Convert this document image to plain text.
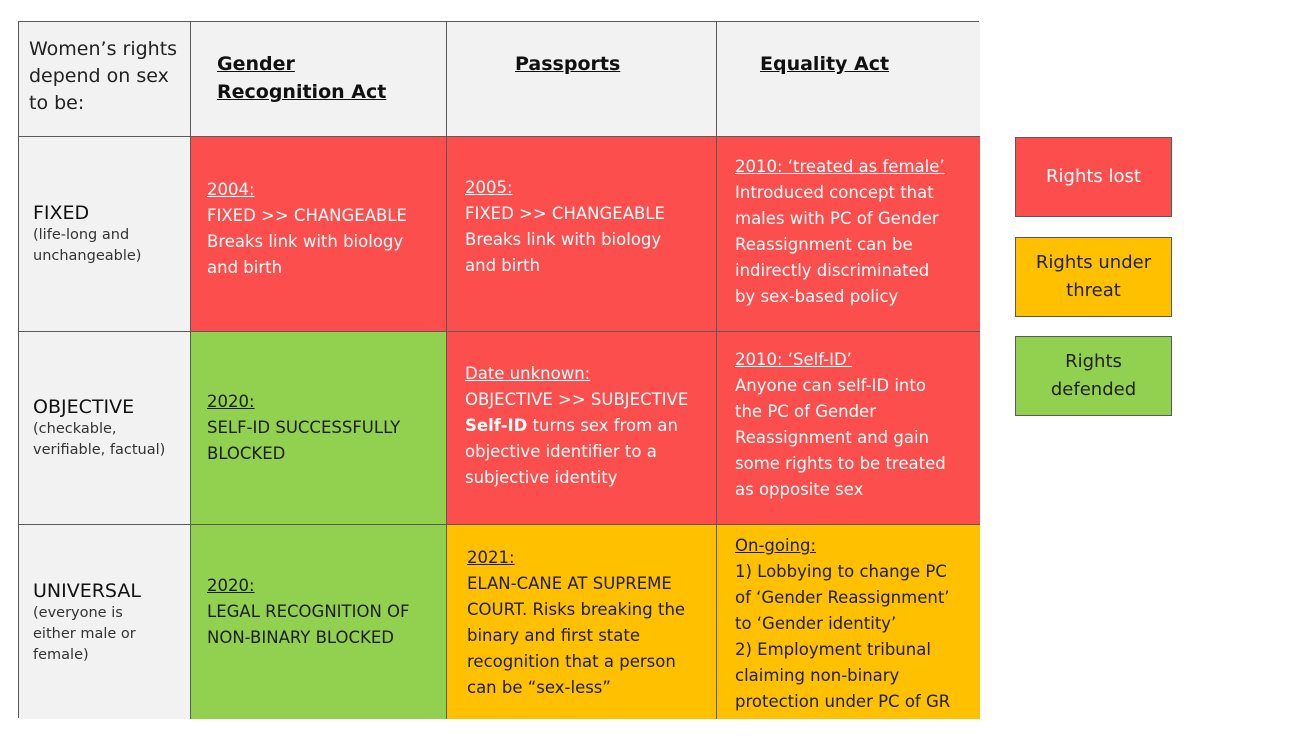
Women’s rights
depend on sex
to be:
Gender
Recognition Act
Passports	Equality Act
FIXED
(life-long and
unchangeable)
2004:
FIXED >> CHANGEABLE
Breaks link with biology
and birth
2005:
FIXED >> CHANGEABLE
Breaks link with biology
and birth
2010: ‘treated as female’
Introduced concept that
males with PC of Gender
Reassignment can be
indirectly discriminated
by sex-based policy
OBJECTIVE
(checkable,
verifiable, factual)
2020:
SELF-ID SUCCESSFULLY
BLOCKED
Date unknown:
OBJECTIVE >> SUBJECTIVE
Self-ID turns sex from an
objective identifier to a
subjective identity
2010: ‘Self-ID’
Anyone can self-ID into
the PC of Gender
Reassignment and gain
some rights to be treated
as opposite sex
UNIVERSAL
(everyone is
either male or
female)
2020:
LEGAL RECOGNITION OF
NON-BINARY BLOCKED
2021:
ELAN-CANE AT SUPREME
COURT. Risks breaking the
binary and first state
recognition that a person
can be “sex-less”
On-going:
1) Lobbying to change PC
of ‘Gender Reassignment’
to ‘Gender identity’
2) Employment tribunal
claiming non-binary
protection under PC of GR
Rights lost
Rights under
threat
Rights
defended
